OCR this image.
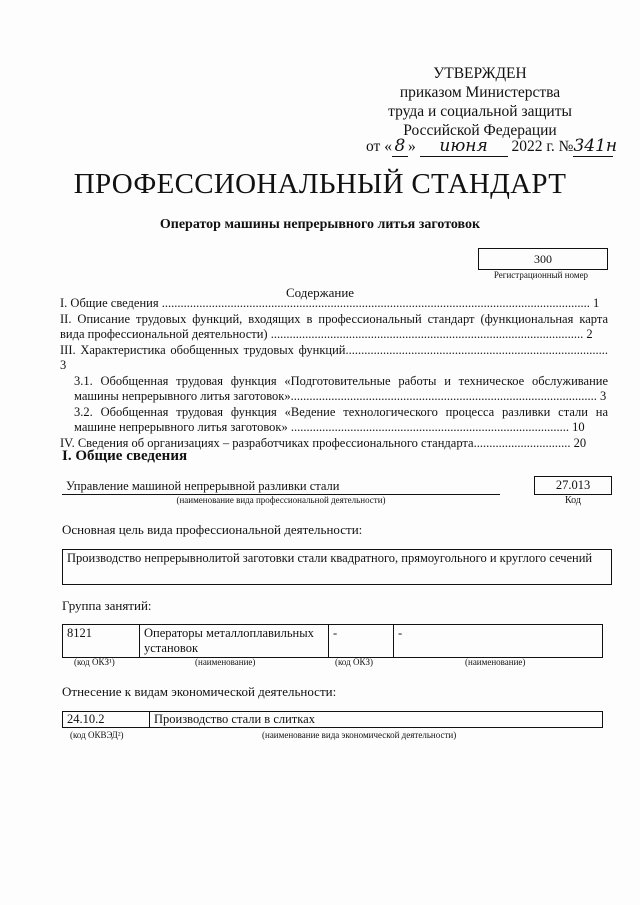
УТВЕРЖДЕН
приказом Министерства
труда и социальной защиты
Российской Федерации
от « 8 » июня 2022 г. №341н
ПРОФЕССИОНАЛЬНЫЙ СТАНДАРТ
Оператор машины непрерывного литья заготовок
300
Регистрационный номер
Содержание
I. Общие сведения ......................................................................................................................................... 1
II. Описание трудовых функций, входящих в профессиональный стандарт (функциональная карта вида профессиональной деятельности) .................................................................................................... 2
III. Характеристика обобщенных трудовых функций.................................................................................... 3
3.1. Обобщенная трудовая функция «Подготовительные работы и техническое обслуживание машины непрерывного литья заготовок».................................................................................................. 3
3.2. Обобщенная трудовая функция «Ведение технологического процесса разливки стали на машине непрерывного литья заготовок» ......................................................................................... 10
IV. Сведения об организациях – разработчиках профессионального стандарта............................... 20
I. Общие сведения
Управление машиной непрерывной разливки стали
(наименование вида профессиональной деятельности)
27.013
Код
Основная цель вида профессиональной деятельности:
Производство непрерывнолитой заготовки стали квадратного, прямоугольного и круглого сечений
Группа занятий:
8121	Операторы металлоплавильных установок	-	-
(код ОКЗ¹)	(наименование)	(код ОКЗ)	(наименование)
Отнесение к видам экономической деятельности:
24.10.2	Производство стали в слитках
(код ОКВЭД²)	(наименование вида экономической деятельности)
